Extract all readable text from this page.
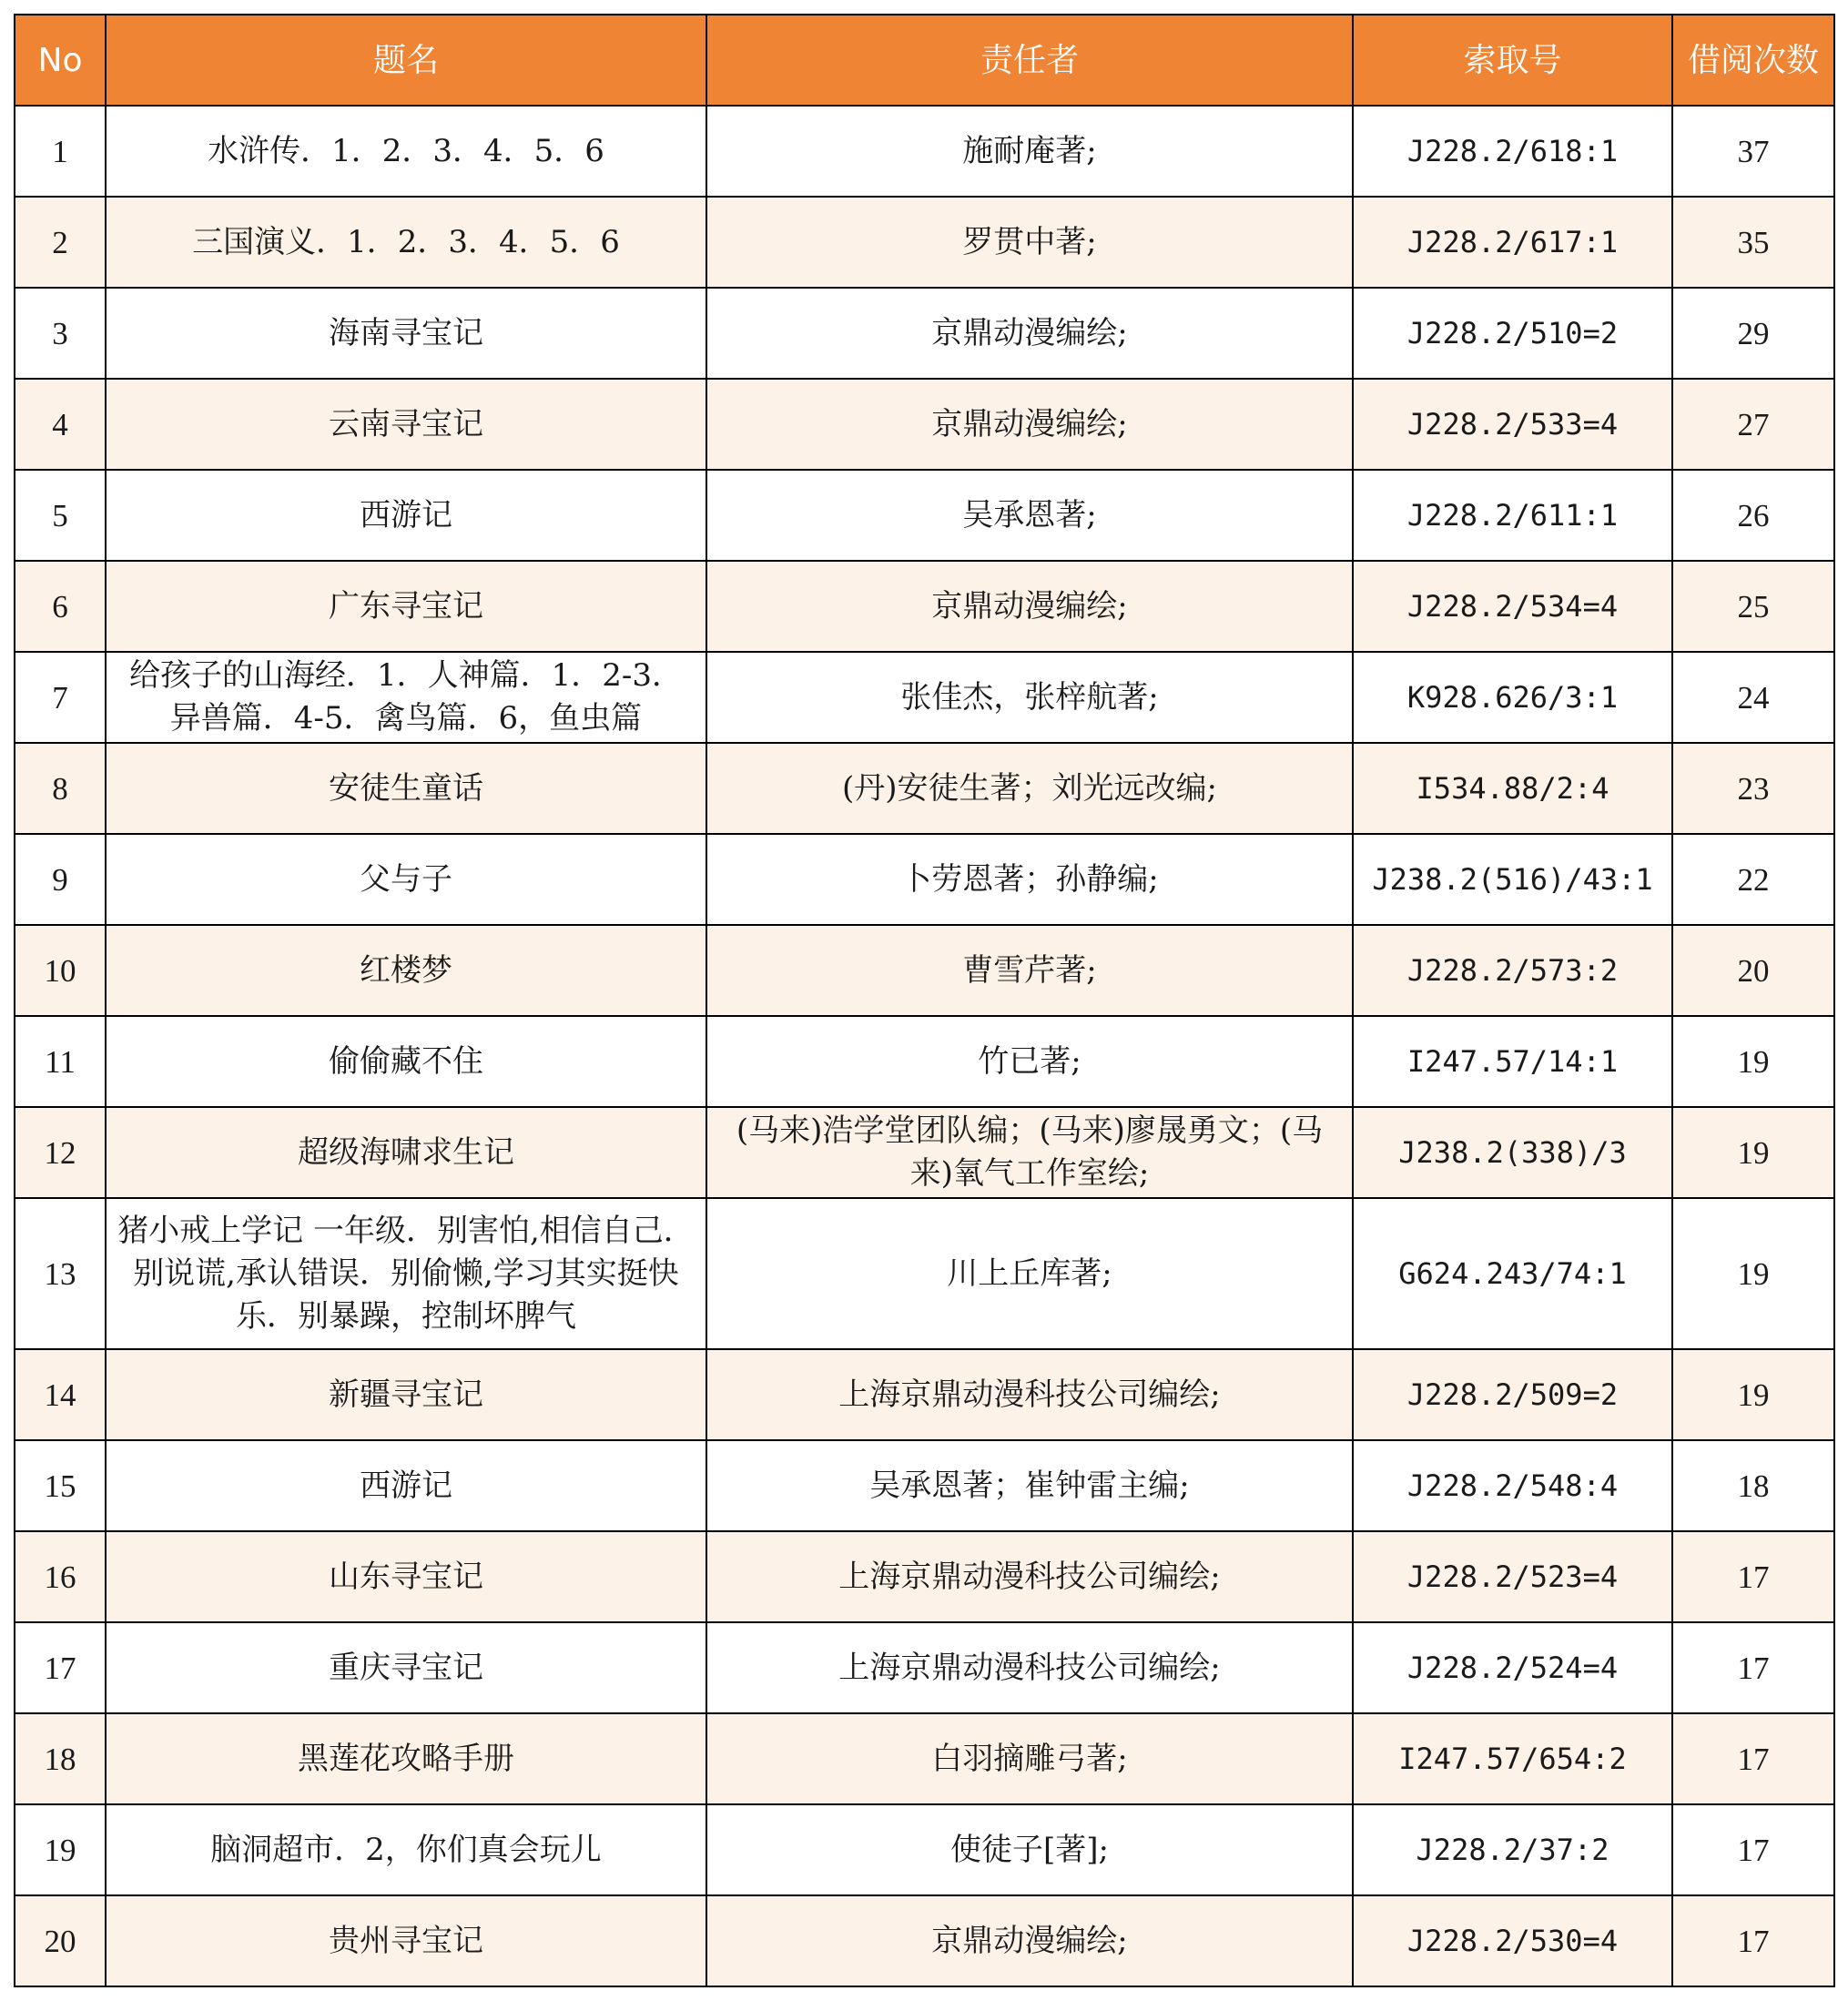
No	题名	责任者	索取号	借阅次数
1	水浒传．1．2．3．4．5．6	施耐庵著;	J228.2/618:1	37
2	三国演义．1．2．3．4．5．6	罗贯中著;	J228.2/617:1	35
3	海南寻宝记	京鼎动漫编绘;	J228.2/510=2	29
4	云南寻宝记	京鼎动漫编绘;	J228.2/533=4	27
5	西游记	吴承恩著;	J228.2/611:1	26
6	广东寻宝记	京鼎动漫编绘;	J228.2/534=4	25
7	给孩子的山海经．1．人神篇．1．2-3．异兽篇．4-5．禽鸟篇．6，鱼虫篇	张佳杰，张梓航著;	K928.626/3:1	24
8	安徒生童话	(丹)安徒生著；刘光远改编;	I534.88/2:4	23
9	父与子	卜劳恩著；孙静编;	J238.2(516)/43:1	22
10	红楼梦	曹雪芹著;	J228.2/573:2	20
11	偷偷藏不住	竹已著;	I247.57/14:1	19
12	超级海啸求生记	(马来)浩学堂团队编；(马来)廖晟勇文；(马来)氧气工作室绘;	J238.2(338)/3	19
13	猪小戒上学记 一年级．别害怕,相信自己．别说谎,承认错误．别偷懒,学习其实挺快乐．别暴躁，控制坏脾气	川上丘库著;	G624.243/74:1	19
14	新疆寻宝记	上海京鼎动漫科技公司编绘;	J228.2/509=2	19
15	西游记	吴承恩著；崔钟雷主编;	J228.2/548:4	18
16	山东寻宝记	上海京鼎动漫科技公司编绘;	J228.2/523=4	17
17	重庆寻宝记	上海京鼎动漫科技公司编绘;	J228.2/524=4	17
18	黑莲花攻略手册	白羽摘雕弓著;	I247.57/654:2	17
19	脑洞超市．2，你们真会玩儿	使徒子[著];	J228.2/37:2	17
20	贵州寻宝记	京鼎动漫编绘;	J228.2/530=4	17
